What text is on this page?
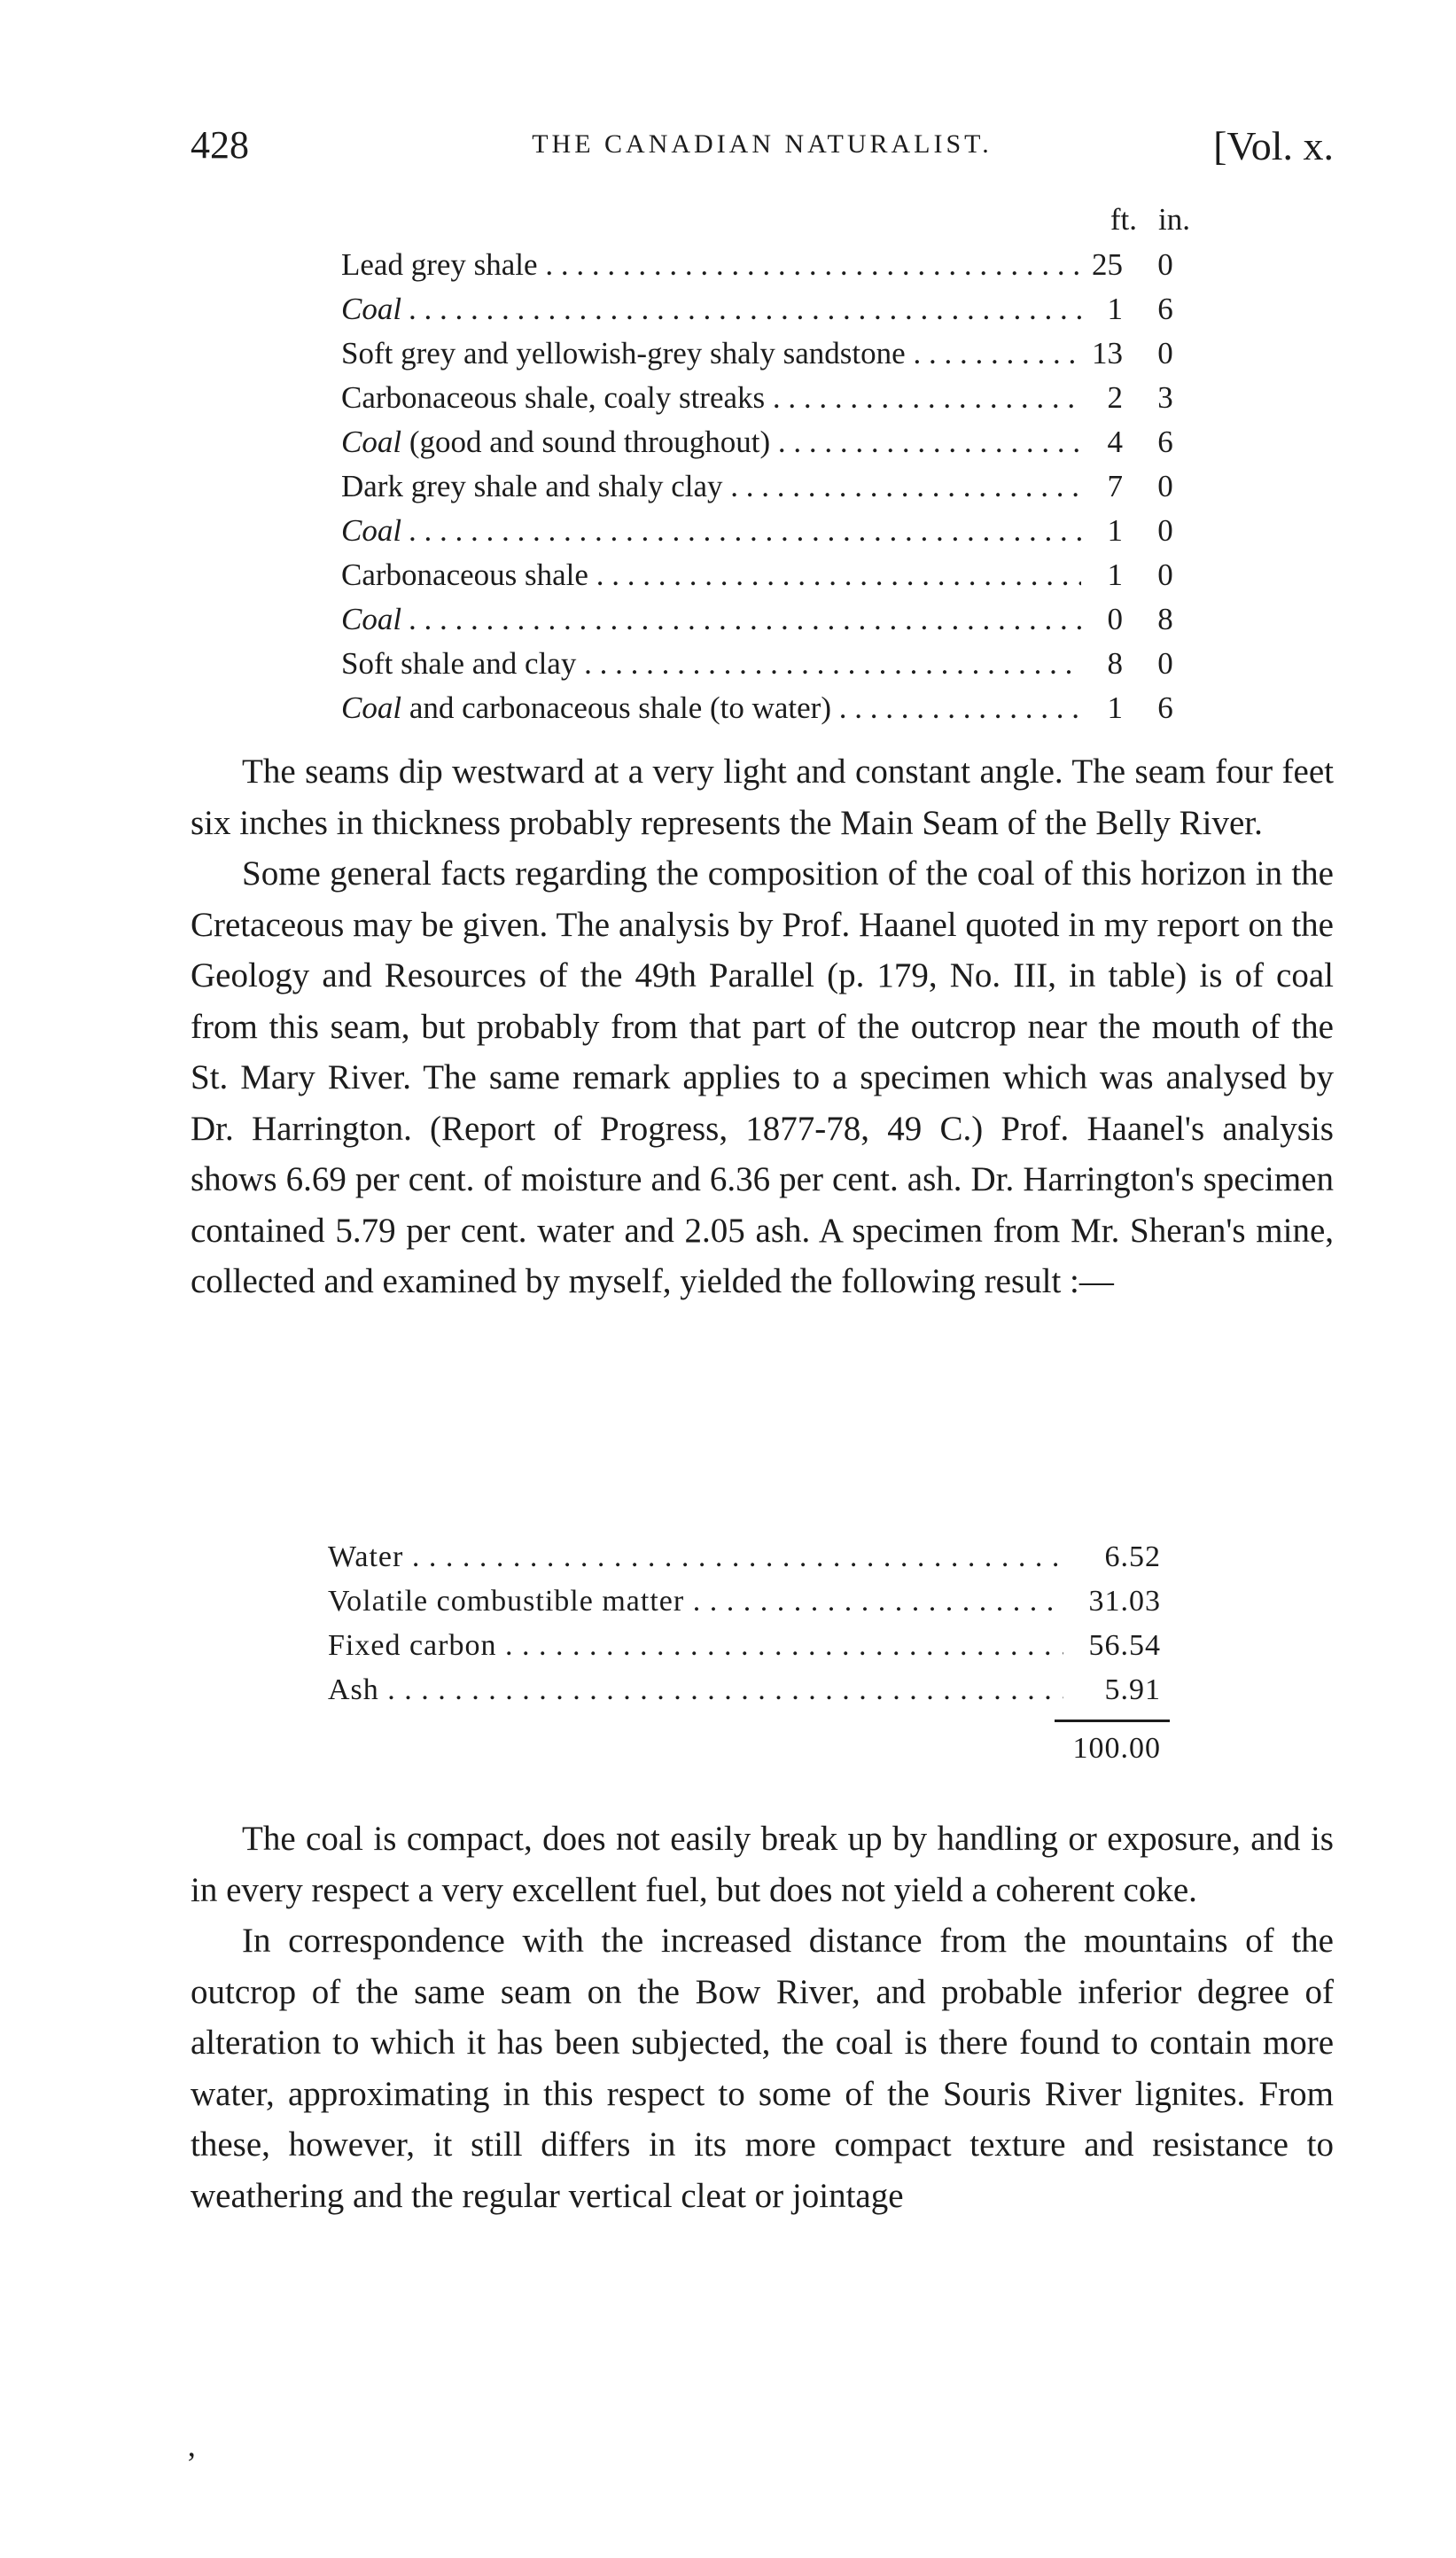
428	THE CANADIAN NATURALIST.	[Vol. x.
ft. in.
Lead grey shale . . .	25	0
Coal . . .	1	6
Soft grey and yellowish-grey shaly sandstone . . .	13	0
Carbonaceous shale, coaly streaks . . .	2	3
Coal (good and sound throughout) . . .	4	6
Dark grey shale and shaly clay . . .	7	0
Coal . . .	1	0
Carbonaceous shale . . .	1	0
Coal . . .	0	8
Soft shale and clay . . .	8	0
Coal and carbonaceous shale (to water) . . .	1	6

The seams dip westward at a very light and constant angle. The seam four feet six inches in thickness probably represents the Main Seam of the Belly River.

Some general facts regarding the composition of the coal of this horizon in the Cretaceous may be given. The analysis by Prof. Haanel quoted in my report on the Geology and Resources of the 49th Parallel (p. 179, No. III, in table) is of coal from this seam, but probably from that part of the outcrop near the mouth of the St. Mary River. The same remark applies to a specimen which was analysed by Dr. Harrington. (Report of Progress, 1877-78, 49 C.) Prof. Haanel's analysis shows 6.69 per cent. of moisture and 6.36 per cent. ash. Dr. Harrington's specimen contained 5.79 per cent. water and 2.05 ash. A specimen from Mr. Sheran's mine, collected and examined by myself, yielded the following result :—

Water . . .	6.52
Volatile combustible matter . . .	31.03
Fixed carbon . . .	56.54
Ash . . .	5.91
100.00

The coal is compact, does not easily break up by handling or exposure, and is in every respect a very excellent fuel, but does not yield a coherent coke.

In correspondence with the increased distance from the mountains of the outcrop of the same seam on the Bow River, and probable inferior degree of alteration to which it has been subjected, the coal is there found to contain more water, approximating in this respect to some of the Souris River lignites. From these, however, it still differs in its more compact texture and resistance to weathering and the regular vertical cleat or jointage

’
